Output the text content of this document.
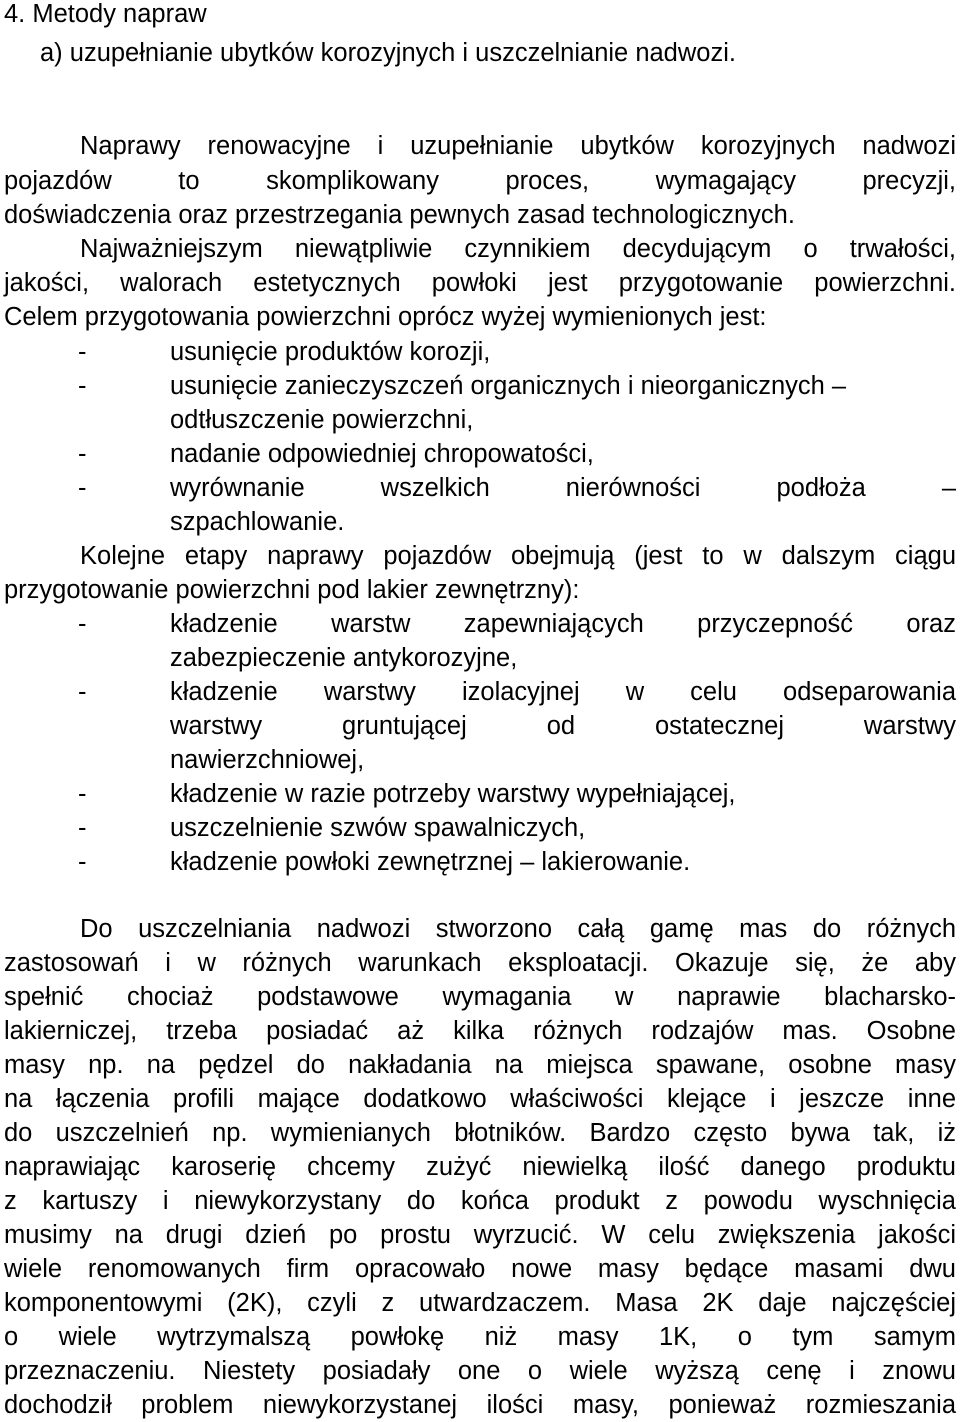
4. Metody napraw
a) uzupełnianie ubytków korozyjnych i uszczelnianie nadwozi.
Naprawy renowacyjne i uzupełnianie ubytków korozyjnych nadwozi
pojazdów to skomplikowany proces, wymagający precyzji,
doświadczenia oraz przestrzegania pewnych zasad technologicznych.
Najważniejszym niewątpliwie czynnikiem decydującym o trwałości,
jakości, walorach estetycznych powłoki jest przygotowanie powierzchni.
Celem przygotowania powierzchni oprócz wyżej wymienionych jest:
-	usunięcie produktów korozji,
-	usunięcie zanieczyszczeń organicznych i nieorganicznych –
odtłuszczenie powierzchni,
-	nadanie odpowiedniej chropowatości,
-	wyrównanie wszelkich nierówności podłoża –
szpachlowanie.
Kolejne etapy naprawy pojazdów obejmują (jest to w dalszym ciągu
przygotowanie powierzchni pod lakier zewnętrzny):
-	kładzenie warstw zapewniających przyczepność oraz
zabezpieczenie antykorozyjne,
-	kładzenie warstwy izolacyjnej w celu odseparowania
warstwy gruntującej od ostatecznej warstwy
nawierzchniowej,
-	kładzenie w razie potrzeby warstwy wypełniającej,
-	uszczelnienie szwów spawalniczych,
-	kładzenie powłoki zewnętrznej – lakierowanie.
Do uszczelniania nadwozi stworzono całą gamę mas do różnych
zastosowań i w różnych warunkach eksploatacji. Okazuje się, że aby
spełnić chociaż podstawowe wymagania w naprawie blacharsko-
lakierniczej, trzeba posiadać aż kilka różnych rodzajów mas. Osobne
masy np. na pędzel do nakładania na miejsca spawane, osobne masy
na łączenia profili mające dodatkowo właściwości klejące i jeszcze inne
do uszczelnień np. wymienianych błotników. Bardzo często bywa tak, iż
naprawiając karoserię chcemy zużyć niewielką ilość danego produktu
z kartuszy i niewykorzystany do końca produkt z powodu wyschnięcia
musimy na drugi dzień po prostu wyrzucić. W celu zwiększenia jakości
wiele renomowanych firm opracowało nowe masy będące masami dwu
komponentowymi (2K), czyli z utwardzaczem. Masa 2K daje najczęściej
o wiele wytrzymalszą powłokę niż masy 1K, o tym samym
przeznaczeniu. Niestety posiadały one o wiele wyższą cenę i znowu
dochodził problem niewykorzystanej ilości masy, ponieważ rozmieszania
